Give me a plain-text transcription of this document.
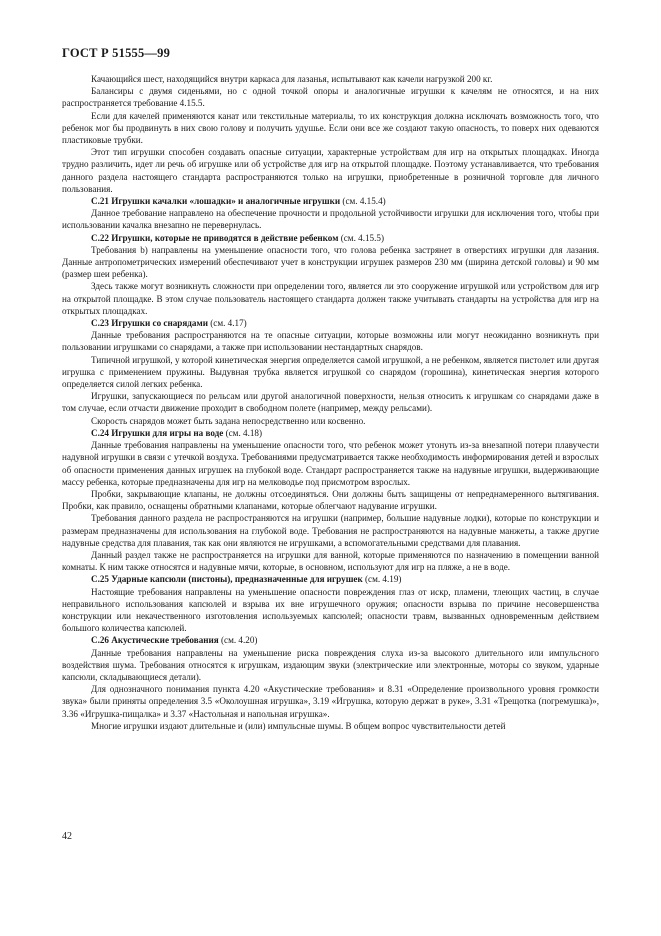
ГОСТ Р 51555—99

Качающийся шест, находящийся внутри каркаса для лазанья, испытывают как качели нагрузкой 200 кг.

Балансиры с двумя сиденьями, но с одной точкой опоры и аналогичные игрушки к качелям не относятся, и на них распространяется требование 4.15.5.

Если для качелей применяются канат или текстильные материалы, то их конструкция должна исключать возможность того, что ребенок мог бы продвинуть в них свою голову и получить удушье. Если они все же создают такую опасность, то поверх них одеваются пластиковые трубки.

Этот тип игрушки способен создавать опасные ситуации, характерные устройствам для игр на открытых площадках. Иногда трудно различить, идет ли речь об игрушке или об устройстве для игр на открытой площадке. Поэтому устанавливается, что требования данного раздела настоящего стандарта распространяются только на игрушки, приобретенные в розничной торговле для личного пользования.

С.21 Игрушки качалки «лошадки» и аналогичные игрушки (см. 4.15.4)

Данное требование направлено на обеспечение прочности и продольной устойчивости игрушки для исключения того, чтобы при использовании качалка внезапно не перевернулась.

С.22 Игрушки, которые не приводятся в действие ребенком (см. 4.15.5)

Требования b) направлены на уменьшение опасности того, что голова ребенка застрянет в отверстиях игрушки для лазания. Данные антропометрических измерений обеспечивают учет в конструкции игрушек размеров 230 мм (ширина детской головы) и 90 мм (размер шеи ребенка).

Здесь также могут возникнуть сложности при определении того, является ли это сооружение игрушкой или устройством для игр на открытой площадке. В этом случае пользователь настоящего стандарта должен также учитывать стандарты на устройства для игр на открытых площадках.

С.23 Игрушки со снарядами (см. 4.17)

Данные требования распространяются на те опасные ситуации, которые возможны или могут неожиданно возникнуть при пользовании игрушками со снарядами, а также при использовании нестандартных снарядов.

Типичной игрушкой, у которой кинетическая энергия определяется самой игрушкой, а не ребенком, является пистолет или другая игрушка с применением пружины. Выдувная трубка является игрушкой со снарядом (горошина), кинетическая энергия которого определяется силой легких ребенка.

Игрушки, запускающиеся по рельсам или другой аналогичной поверхности, нельзя относить к игрушкам со снарядами даже в том случае, если отчасти движение проходит в свободном полете (например, между рельсами).

Скорость снарядов может быть задана непосредственно или косвенно.

С.24 Игрушки для игры на воде (см. 4.18)

Данные требования направлены на уменьшение опасности того, что ребенок может утонуть из-за внезапной потери плавучести надувной игрушки в связи с утечкой воздуха. Требованиями предусматривается также необходимость информирования детей и взрослых об опасности применения данных игрушек на глубокой воде. Стандарт распространяется также на надувные игрушки, выдерживающие массу ребенка, которые предназначены для игр на мелководье под присмотром взрослых.

Пробки, закрывающие клапаны, не должны отсоединяться. Они должны быть защищены от непреднамеренного вытягивания. Пробки, как правило, оснащены обратными клапанами, которые облегчают надувание игрушки.

Требования данного раздела не распространяются на игрушки (например, большие надувные лодки), которые по конструкции и размерам предназначены для использования на глубокой воде. Требования не распространяются на надувные манжеты, а также другие надувные средства для плавания, так как они являются не игрушками, а вспомогательными средствами для плавания.

Данный раздел также не распространяется на игрушки для ванной, которые применяются по назначению в помещении ванной комнаты. К ним также относятся и надувные мячи, которые, в основном, используют для игр на пляже, а не в воде.

С.25 Ударные капсюли (пистоны), предназначенные для игрушек (см. 4.19)

Настоящие требования направлены на уменьшение опасности повреждения глаз от искр, пламени, тлеющих частиц, в случае неправильного использования капсюлей и взрыва их вне игрушечного оружия; опасности взрыва по причине несовершенства конструкции или некачественного изготовления используемых капсюлей; опасности травм, вызванных одновременным действием большого количества капсюлей.

С.26 Акустические требования (см. 4.20)

Данные требования направлены на уменьшение риска повреждения слуха из-за высокого длительного или импульсного воздействия шума. Требования относятся к игрушкам, издающим звуки (электрические или электронные, моторы со звуком, ударные капсюли, складывающиеся детали).

Для однозначного понимания пункта 4.20 «Акустические требования» и 8.31 «Определение произвольного уровня громкости звука» были приняты определения 3.5 «Околоушная игрушка», 3.19 «Игрушка, которую держат в руке», 3.31 «Трещотка (погремушка)», 3.36 «Игрушка-пищалка» и 3.37 «Настольная и напольная игрушка».

Многие игрушки издают длительные и (или) импульсные шумы. В общем вопрос чувствительности детей

42
